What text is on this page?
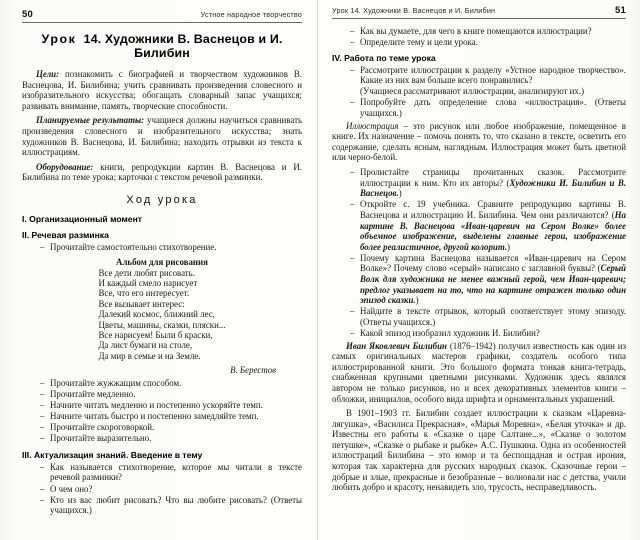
50	Устное народное творчество
Урок 14. Художники В. Васнецов и И. Билибин

Цели: познакомить с биографией и творчеством художников В. Васнецова, И. Билибина; учить сравнивать произведения словесного и изобразительного искусства; обогащать словарный запас учащихся; развивать внимание, память, творческие способности.

Планируемые результаты: учащиеся должны научиться сравнивать произведения словесного и изобразительного искусства; знать художников В. Васнецова, И. Билибина; находить отрывки из текста к иллюстрациям.

Оборудование: книги, репродукции картин В. Васнецова и И. Билибина по теме урока; карточки с текстом речевой разминки.

Ход урока
I. Организационный момент
II. Речевая разминка
– Прочитайте самостоятельно стихотворение.
Альбом для рисования
Все дети любят рисовать.
И каждый смело нарисует
Все, что его интересует.
Все вызывает интерес:
Далекий космос, ближний лес,
Цветы, машины, сказки, пляски...
Все нарисуем! Были б краски,
Да лист бумаги на столе,
Да мир в семье и на Земле.
В. Берестов
– Прочитайте жужжащим способом.
– Прочитайте медленно.
– Начните читать медленно и постепенно ускоряйте темп.
– Начните читать быстро и постепенно замедляйте темп.
– Прочитайте скороговоркой.
– Прочитайте выразительно.
III. Актуализация знаний. Введение в тему
– Как называется стихотворение, которое мы читали в тексте речевой разминки?
– О чем оно?
– Кто из вас любит рисовать? Что вы любите рисовать? (Ответы учащихся.)
Урок 14. Художники В. Васнецов и И. Билибин	51
– Как вы думаете, для чего в книге помещаются иллюстрации?
– Определите тему и цели урока.
IV. Работа по теме урока
– Рассмотрите иллюстрации к разделу «Устное народное творчество». Какие из них вам больше всего понравились?
(Учащиеся рассматривают иллюстрации, анализируют их.)
– Попробуйте дать определение слова «иллюстрация». (Ответы учащихся.)

Иллюстрация – это рисунок или любое изображение, помещенное в книге. Их назначение – помочь понять то, что сказано в тексте, осветить его содержание, сделать ясным, наглядным. Иллюстрация может быть цветной или черно-белой.

– Пролистайте страницы прочитанных сказок. Рассмотрите иллюстрации к ним. Кто их авторы? (Художники И. Билибин и В. Васнецов.)
– Откройте с. 19 учебника. Сравните репродукцию картины В. Васнецова и иллюстрацию И. Билибина. Чем они различаются? (На картине В. Васнецова «Иван-царевич на Сером Волке» более объемное изображение, выделены главные герои, изображение более реалистичное, другой колорит.)
– Почему картина Васнецова называется «Иван-царевич на Сером Волке»? Почему слово «серый» написано с заглавной буквы? (Серый Волк для художника не менее важный герой, чем Иван-царевич; предлог указывает на то, что на картине отражен только один эпизод сказки.)
– Найдите в тексте отрывок, который соответствует этому эпизоду. (Ответы учащихся.)
– Какой эпизод изобразил художник И. Билибин?

Иван Яковлевич Билибин (1876–1942) получил известность как один из самых оригинальных мастеров графики, создатель особого типа иллюстрированной книги. Это большого формата тонкая книга-тетрадь, снабженная крупными цветными рисунками. Художник здесь являлся автором не только рисунков, но и всех декоративных элементов книги – обложки, инициалов, особого вида шрифта и орнаментальных украшений.

В 1901–1903 гг. Билибин создает иллюстрации к сказкам «Царевна-лягушка», «Василиса Прекрасная», «Марья Моревна», «Белая уточка» и др. Известны его работы к «Сказке о царе Салтане...», «Сказке о золотом петушке», «Сказке о рыбаке и рыбке» А.С. Пушкина. Одна из особенностей иллюстраций Билибина – это юмор и та беспощадная и острая ирония, которая так характерна для русских народных сказок. Сказочные герои – добрые и злые, прекрасные и безобразные – волновали нас с детства, учили любить добро и красоту, ненавидеть зло, трусость, несправедливость.
